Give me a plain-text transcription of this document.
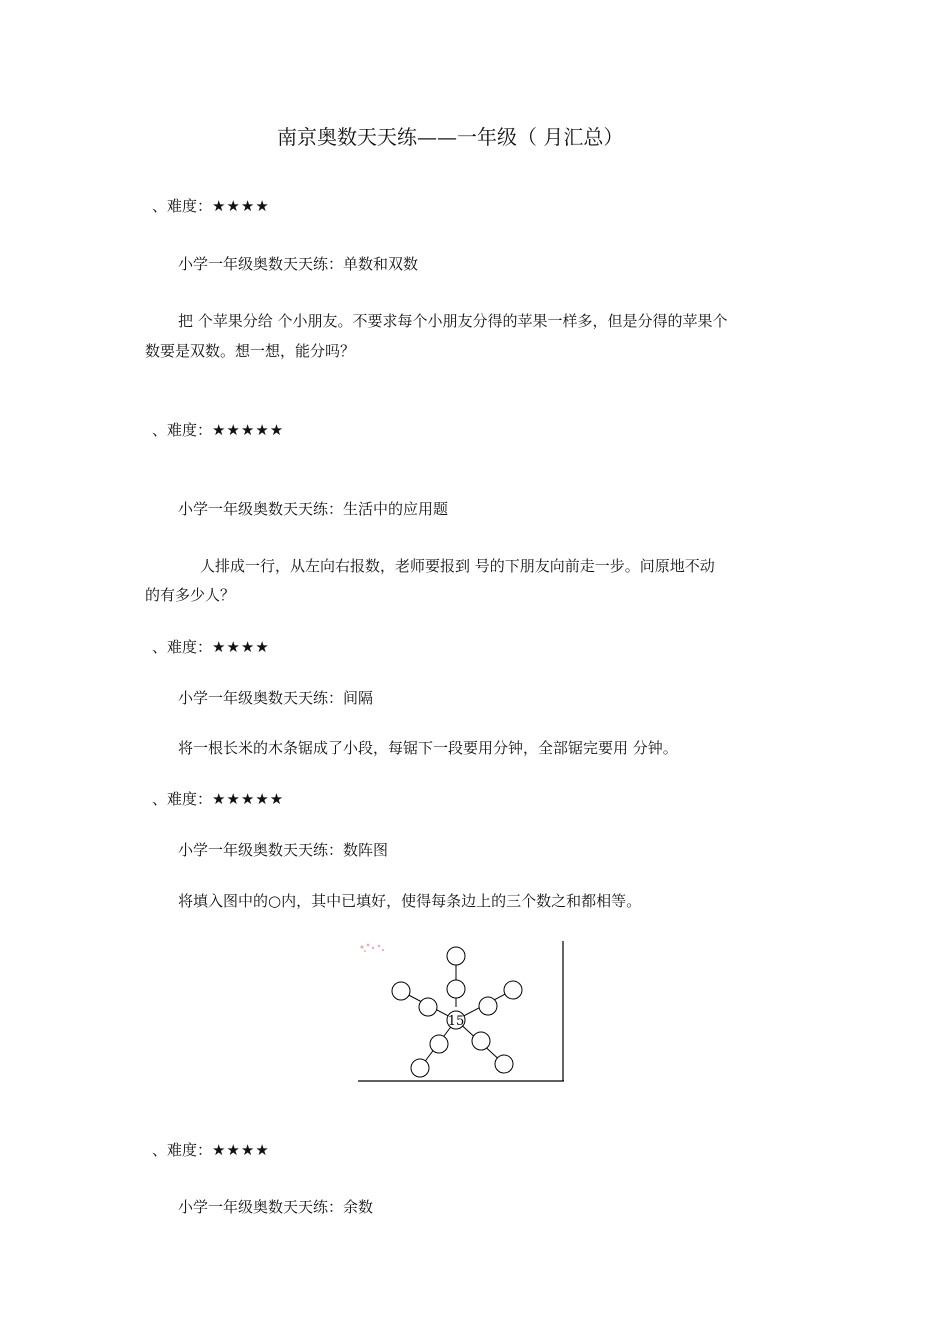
南京奥数天天练——一年级（ 月汇总）
、难度：★★★★
小学一年级奥数天天练：单数和双数
把 个苹果分给 个小朋友。不要求每个小朋友分得的苹果一样多，但是分得的苹果个
数要是双数。想一想，能分吗？
、难度：★★★★★
小学一年级奥数天天练：生活中的应用题
人排成一行，从左向右报数，老师要报到 号的下朋友向前走一步。问原地不动
的有多少人？
、难度：★★★★
小学一年级奥数天天练：间隔
将一根长米的木条锯成了小段，每锯下一段要用分钟，全部锯完要用 分钟。
、难度：★★★★★
小学一年级奥数天天练：数阵图
将填入图中的○内，其中已填好，使得每条边上的三个数之和都相等。
15
、难度：★★★★
小学一年级奥数天天练：余数
